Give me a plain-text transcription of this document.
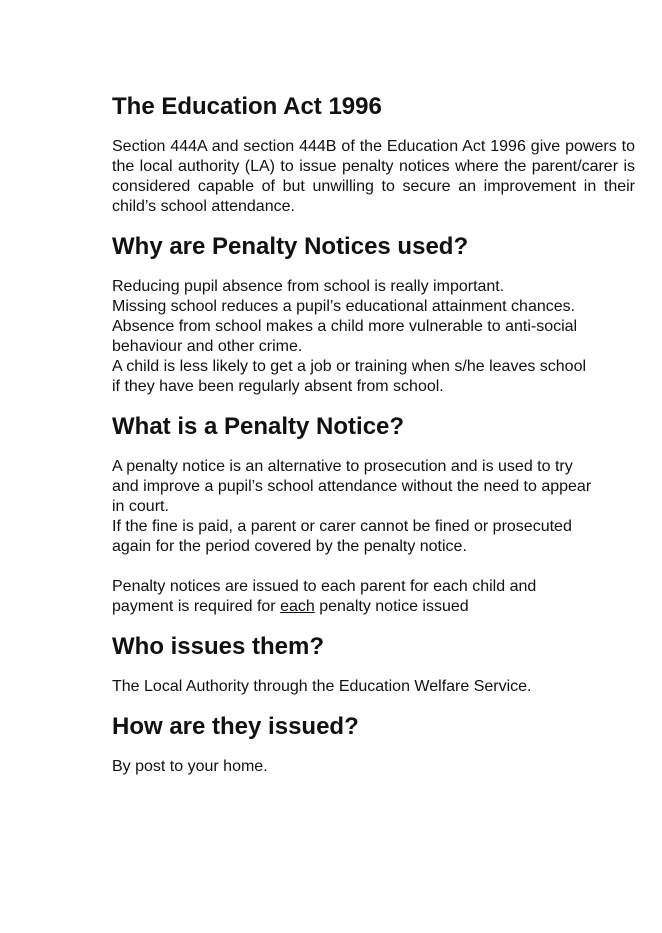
The Education Act 1996

Section 444A and section 444B of the Education Act 1996 give powers to the local authority (LA) to issue penalty notices where the parent/carer is considered capable of but unwilling to secure an improvement in their child’s school attendance.

Why are Penalty Notices used?
Reducing pupil absence from school is really important.
Missing school reduces a pupil’s educational attainment chances.
Absence from school makes a child more vulnerable to anti-social
behaviour and other crime.
A child is less likely to get a job or training when s/he leaves school
if they have been regularly absent from school.
What is a Penalty Notice?
A penalty notice is an alternative to prosecution and is used to try
and improve a pupil’s school attendance without the need to appear
in court.
If the fine is paid, a parent or carer cannot be fined or prosecuted
again for the period covered by the penalty notice.
Penalty notices are issued to each parent for each child and
payment is required for each penalty notice issued
Who issues them?

The Local Authority through the Education Welfare Service.

How are they issued?

By post to your home.
